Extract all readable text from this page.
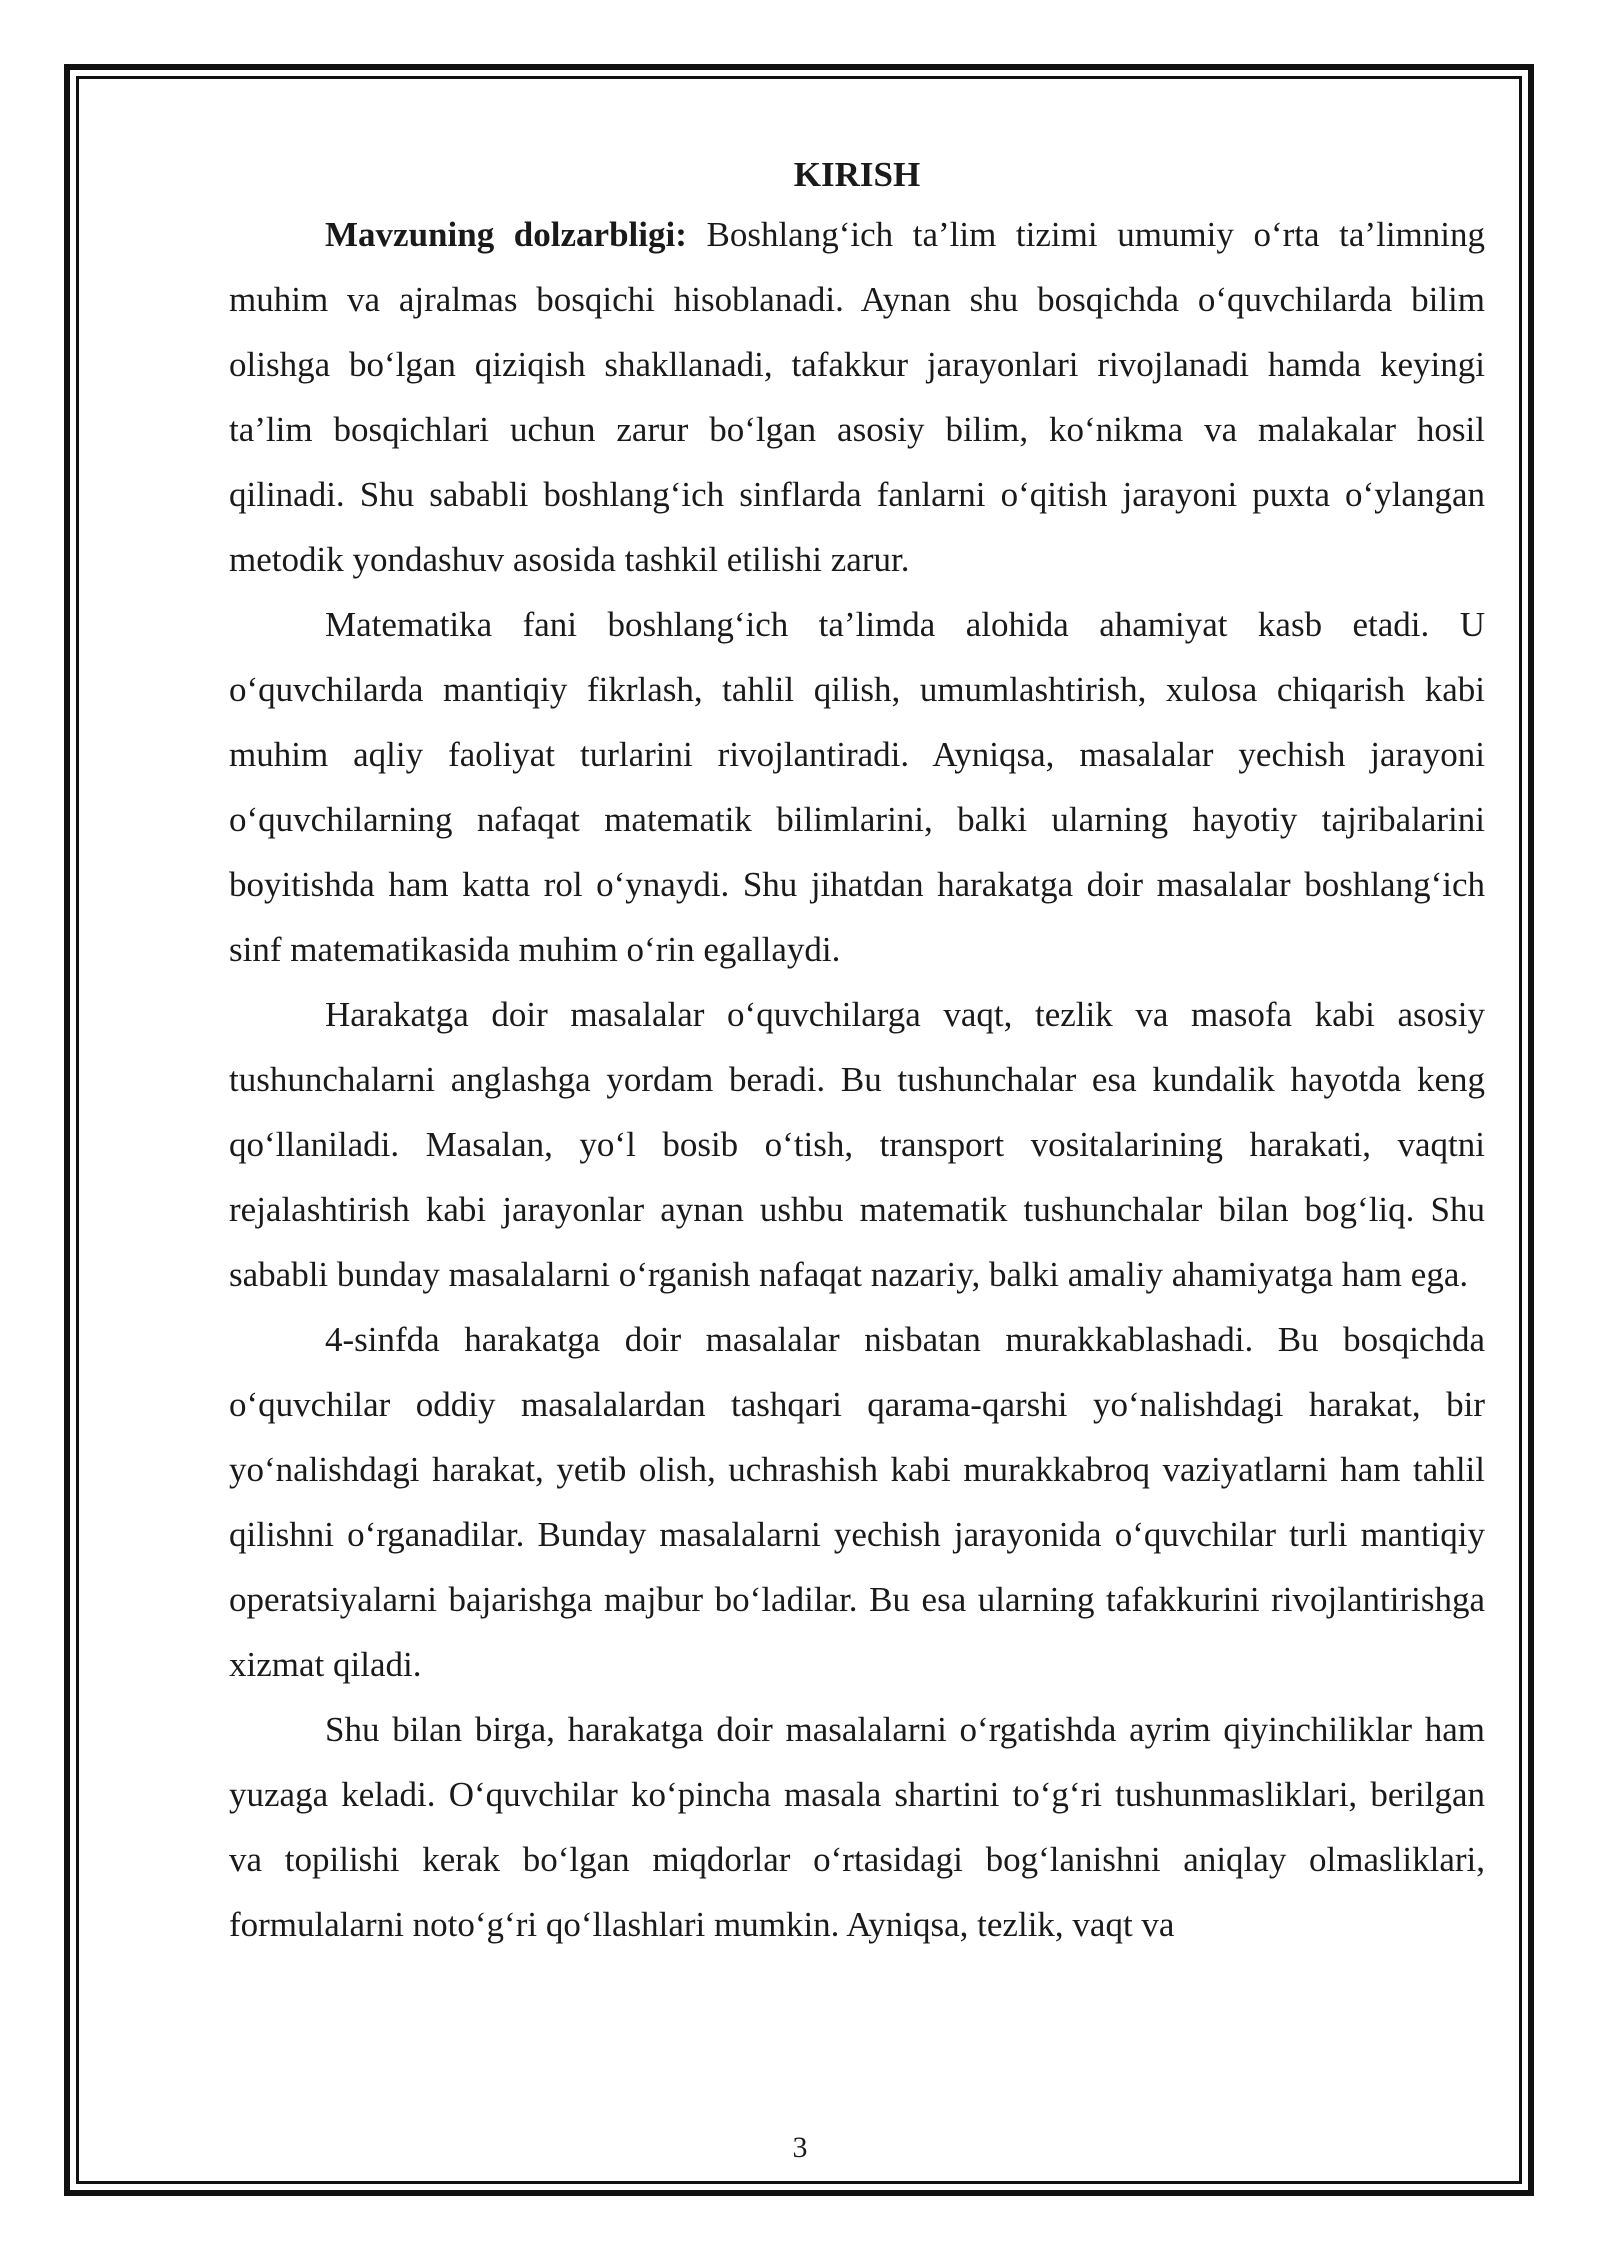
KIRISH

Mavzuning dolzarbligi: Boshlang‘ich ta’lim tizimi umumiy o‘rta ta’limning muhim va ajralmas bosqichi hisoblanadi. Aynan shu bosqichda o‘quvchilarda bilim olishga bo‘lgan qiziqish shakllanadi, tafakkur jarayonlari rivojlanadi hamda keyingi ta’lim bosqichlari uchun zarur bo‘lgan asosiy bilim, ko‘nikma va malakalar hosil qilinadi. Shu sababli boshlang‘ich sinflarda fanlarni o‘qitish jarayoni puxta o‘ylangan metodik yondashuv asosida tashkil etilishi zarur.

Matematika fani boshlang‘ich ta’limda alohida ahamiyat kasb etadi. U o‘quvchilarda mantiqiy fikrlash, tahlil qilish, umumlashtirish, xulosa chiqarish kabi muhim aqliy faoliyat turlarini rivojlantiradi. Ayniqsa, masalalar yechish jarayoni o‘quvchilarning nafaqat matematik bilimlarini, balki ularning hayotiy tajribalarini boyitishda ham katta rol o‘ynaydi. Shu jihatdan harakatga doir masalalar boshlang‘ich sinf matematikasida muhim o‘rin egallaydi.

Harakatga doir masalalar o‘quvchilarga vaqt, tezlik va masofa kabi asosiy tushunchalarni anglashga yordam beradi. Bu tushunchalar esa kundalik hayotda keng qo‘llaniladi. Masalan, yo‘l bosib o‘tish, transport vositalarining harakati, vaqtni rejalashtirish kabi jarayonlar aynan ushbu matematik tushunchalar bilan bog‘liq. Shu sababli bunday masalalarni o‘rganish nafaqat nazariy, balki amaliy ahamiyatga ham ega.

4-sinfda harakatga doir masalalar nisbatan murakkablashadi. Bu bosqichda o‘quvchilar oddiy masalalardan tashqari qarama-qarshi yo‘nalishdagi harakat, bir yo‘nalishdagi harakat, yetib olish, uchrashish kabi murakkabroq vaziyatlarni ham tahlil qilishni o‘rganadilar. Bunday masalalarni yechish jarayonida o‘quvchilar turli mantiqiy operatsiyalarni bajarishga majbur bo‘ladilar. Bu esa ularning tafakkurini rivojlantirishga xizmat qiladi.

Shu bilan birga, harakatga doir masalalarni o‘rgatishda ayrim qiyinchiliklar ham yuzaga keladi. O‘quvchilar ko‘pincha masala shartini to‘g‘ri tushunmasliklari, berilgan va topilishi kerak bo‘lgan miqdorlar o‘rtasidagi bog‘lanishni aniqlay olmasliklari, formulalarni noto‘g‘ri qo‘llashlari mumkin. Ayniqsa, tezlik, vaqt va

3
